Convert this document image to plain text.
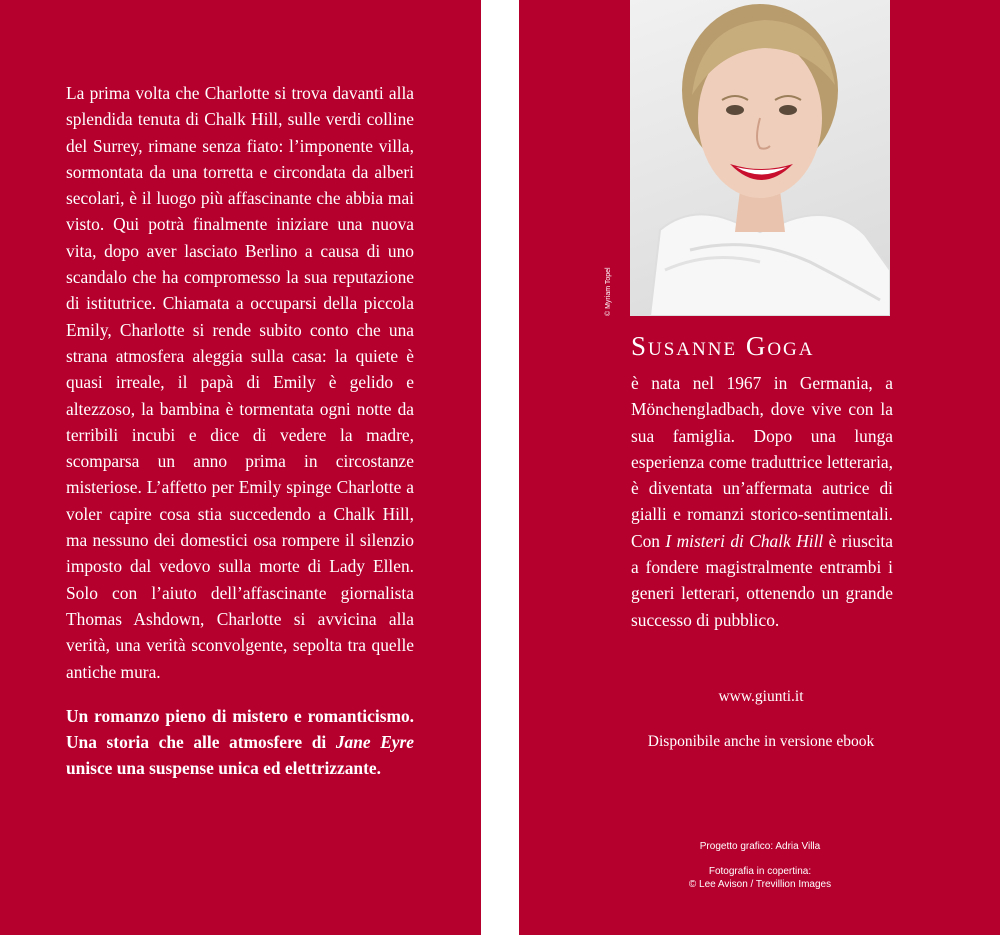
La prima volta che Charlotte si trova davanti alla splendida tenuta di Chalk Hill, sulle verdi colline del Surrey, rimane senza fiato: l’imponente villa, sormontata da una torretta e circondata da alberi secolari, è il luogo più affascinante che abbia mai visto. Qui potrà finalmente iniziare una nuova vita, dopo aver lasciato Berlino a causa di uno scandalo che ha compromesso la sua reputazione di istitutrice. Chiamata a occuparsi della piccola Emily, Charlotte si rende subito conto che una strana atmosfera aleggia sulla casa: la quiete è quasi irreale, il papà di Emily è gelido e altezzoso, la bambina è tormentata ogni notte da terribili incubi e dice di vedere la madre, scomparsa un anno prima in circostanze misteriose. L’affetto per Emily spinge Charlotte a voler capire cosa stia succedendo a Chalk Hill, ma nessuno dei domestici osa rompere il silenzio imposto dal vedovo sulla morte di Lady Ellen. Solo con l’aiuto dell’affascinante giornalista Thomas Ashdown, Charlotte si avvicina alla verità, una verità sconvolgente, sepolta tra quelle antiche mura.

Un romanzo pieno di mistero e romanticismo. Una storia che alle atmosfere di Jane Eyre unisce una suspense unica ed elettrizzante.

© Myriam Topel
Susanne Goga
è nata nel 1967 in Germania, a Mönchengladbach, dove vive con la sua famiglia. Dopo una lunga esperienza come traduttrice letteraria, è diventata un’affermata autrice di gialli e romanzi storico-sentimentali. Con I misteri di Chalk Hill è riuscita a fondere magistralmente entrambi i generi letterari, ottenendo un grande successo di pubblico.
www.giunti.it
Disponibile anche in versione ebook
Progetto grafico: Adria Villa
Fotografia in copertina:
© Lee Avison / Trevillion Images
